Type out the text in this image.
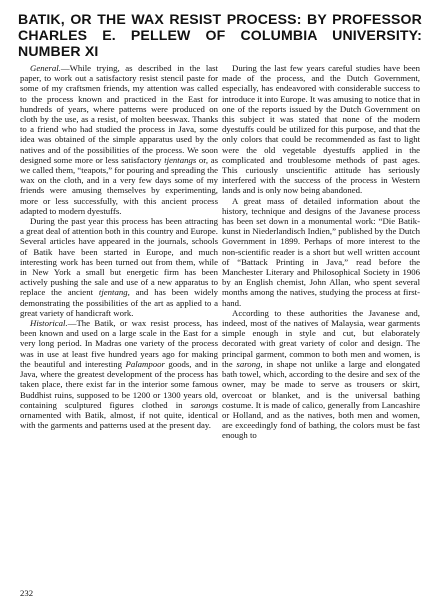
BATIK, OR THE WAX RESIST PROCESS: BY PROFESSOR CHARLES E. PELLEW OF COLUMBIA UNIVERSITY: NUMBER XI

General.—While trying, as described in the last paper, to work out a satisfactory resist stencil paste for some of my craftsmen friends, my attention was called to the process known and practiced in the East for hundreds of years, where patterns were produced on cloth by the use, as a resist, of molten beeswax. Thanks to a friend who had studied the process in Java, some idea was obtained of the simple apparatus used by the natives and of the possibilities of the process. We soon designed some more or less satisfactory tjentangs or, as we called them, “teapots,” for pouring and spreading the wax on the cloth, and in a very few days some of my friends were amusing themselves by experimenting, more or less successfully, with this ancient process adapted to modern dyestuffs.

During the past year this process has been attracting a great deal of attention both in this country and Europe. Several articles have appeared in the journals, schools of Batik have been started in Europe, and much interesting work has been turned out from them, while in New York a small but energetic firm has been actively pushing the sale and use of a new apparatus to replace the ancient tjentang, and has been widely demonstrating the possibilities of the art as applied to a great variety of handicraft work.

Historical.—The Batik, or wax resist process, has been known and used on a large scale in the East for a very long period. In Madras one variety of the process was in use at least five hundred years ago for making the beautiful and interesting Palampoor goods, and in Java, where the greatest development of the process has taken place, there exist far in the interior some famous Buddhist ruins, supposed to be 1200 or 1300 years old, containing sculptured figures clothed in sarongs ornamented with Batik, almost, if not quite, identical with the garments and patterns used at the present day.

During the last few years careful studies have been made of the process, and the Dutch Government, especially, has endeavored with considerable success to introduce it into Europe. It was amusing to notice that in one of the reports issued by the Dutch Government on this subject it was stated that none of the modern dyestuffs could be utilized for this purpose, and that the only colors that could be recommended as fast to light were the old vegetable dyestuffs applied in the complicated and troublesome methods of past ages. This curiously unscientific attitude has seriously interfered with the success of the process in Western lands and is only now being abandoned.

A great mass of detailed information about the history, technique and designs of the Javanese process has been set down in a monumental work: “Die Batik-kunst in Niederlandisch Indien,” published by the Dutch Government in 1899. Perhaps of more interest to the non-scientific reader is a short but well written account of “Battack Printing in Java,” read before the Manchester Literary and Philosophical Society in 1906 by an English chemist, John Allan, who spent several months among the natives, studying the process at first-hand.

According to these authorities the Javanese and, indeed, most of the natives of Malaysia, wear garments simple enough in style and cut, but elaborately decorated with great variety of color and design. The principal garment, common to both men and women, is the sarong, in shape not unlike a large and elongated bath towel, which, according to the desire and sex of the owner, may be made to serve as trousers or skirt, overcoat or blanket, and is the universal bathing costume. It is made of calico, generally from Lancashire or Holland, and as the natives, both men and women, are exceedingly fond of bathing, the colors must be fast enough to

232
